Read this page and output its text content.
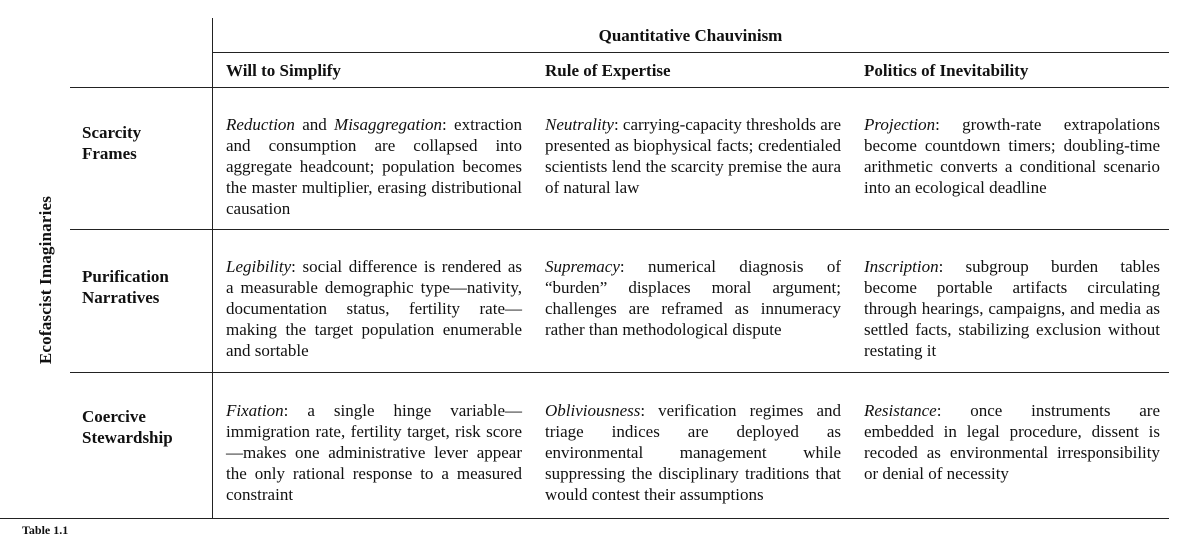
Ecofascist Imaginaries
Quantitative Chauvinism
Will to Simplify	Rule of Expertise	Politics of Inevitability
Scarcity
Frames
Reduction and Misaggregation: extraction and consumption are collapsed into aggregate headcount; population becomes the master multiplier, erasing distributional causation
Neutrality: carrying-capacity thresholds are presented as biophysical facts; credentialed scientists lend the scarcity premise the aura of natural law
Projection: growth-rate extrapolations become countdown timers; doubling-time arithmetic converts a conditional scenario into an ecological deadline
Purification
Narratives
Legibility: social difference is rendered as a measurable demographic type—nativity, documentation status, fertility rate—making the target population enumerable and sortable
Supremacy: numerical diagnosis of “burden” displaces moral argument; challenges are reframed as innumeracy rather than methodological dispute
Inscription: subgroup burden tables become portable artifacts circulating through hearings, campaigns, and media as settled facts, stabilizing exclusion without restating it
Coercive
Stewardship
Fixation: a single hinge variable—immigration rate, fertility target, risk score—makes one administrative lever appear the only rational response to a measured constraint
Obliviousness: verification regimes and triage indices are deployed as environmental management while suppressing the disciplinary traditions that would contest their assumptions
Resistance: once instruments are embedded in legal procedure, dissent is recoded as environmental irresponsibility or denial of necessity
Table 1.1
